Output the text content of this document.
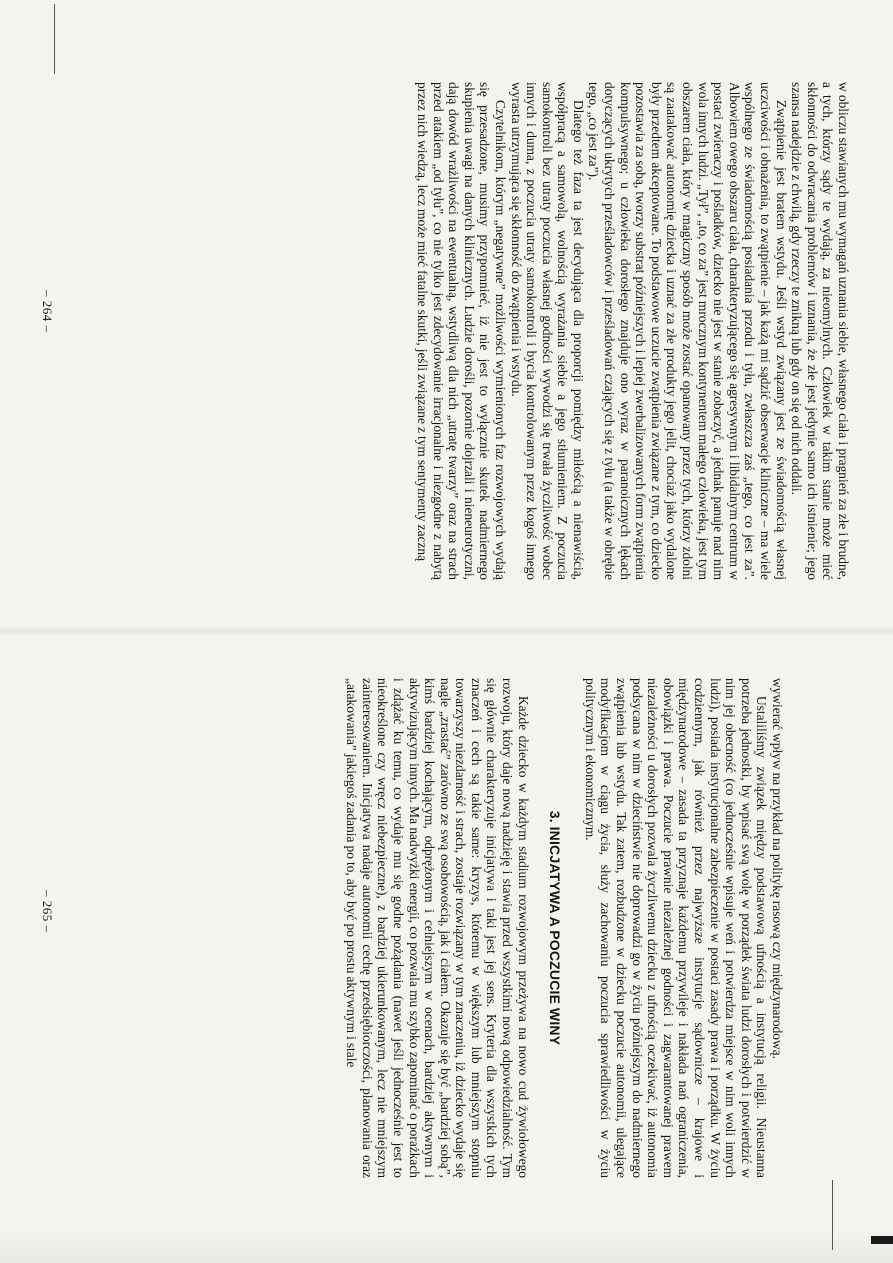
w obliczu stawianych mu wymagań uznania siebie, własnego ciała i pragnień za złe i brudne, a tych, którzy sądy te wydają, za nieomylnych. Człowiek w takim stanie może mieć skłonności do odwracania problemów i uznania, że złe jest jedynie samo ich istnienie; jego szansa nadejdzie z chwilą, gdy rzeczy te znikną lub gdy on się od nich oddali.

Zwątpienie jest bratem wstydu. Jeśli wstyd związany jest ze świadomością własnej uczciwości i obnażenia, to zwątpienie – jak każą mi sądzić obserwacje kliniczne – ma wiele wspólnego ze świadomością posiadania przodu i tyłu, zwłaszcza zaś „tego, co jest za”. Albowiem owego obszaru ciała, charakteryzującego się agresywnym i libidalnym centrum w postaci zwieraczy i pośladków, dziecko nie jest w stanie zobaczyć, a jednak panuje nad nim wola innych ludzi. „Tył”, „to, co za” jest mrocznym kontynentem małego człowieka, jest tym obszarem ciała, który w magiczny sposób może zostać opanowany przez tych, którzy zdolni są zaatakować autonomię dziecka i uznać za złe produkty jego jelit, chociaż jako wydalone były przedtem akceptowane. To podstawowe uczucie zwątpienia związane z tym, co dziecko pozostawia za sobą, tworzy substrat późniejszych i lepiej zwerbalizowanych form zwątpienia kompulsywnego; u człowieka dorosłego znajduje ono wyraz w paranoicznych lękach dotyczących ukrytych prześladowców i prześladowań czających się z tyłu (a także w obrębie tego, „co jest za”).

Dlatego też faza ta jest decydująca dla proporcji pomiędzy miłością a nienawiścią, współpracą a samowolą, wolnością wyrażania siebie a jego stłumieniem. Z poczucia samokontroli bez utraty poczucia własnej godności wywodzi się trwała życzliwość wobec innych i duma, z poczucia utraty samokontroli i bycia kontrolowanym przez kogoś innego wyrasta utrzymująca się skłonność do zwątpienia i wstydu.

Czytelnikom, którym „negatywne” możliwości wymienionych faz rozwojowych wydają się przesadzone, musimy przypomnieć, iż nie jest to wyłącznie skutek nadmiernego skupienia uwagi na danych klinicznych. Ludzie dorośli, pozornie dojrzali i nieneurotyczni, dają dowód wrażliwości na ewentualną, wstydliwą dla nich „utratę twarzy” oraz na strach przed atakiem „od tyłu”, co nie tylko jest zdecydowanie irracjonalne i niezgodne z nabytą przez nich wiedzą, lecz może mieć fatalne skutki, jeśli związane z tym sentymenty zaczną

– 264 –

wywierać wpływ na przykład na politykę rasową czy międzynarodową.

Ustaliliśmy związek między podstawową ufnością a instytucją religii. Nieustanna potrzeba jednostki, by wpisać swą wolę w porządek świata ludzi dorosłych i potwierdzić w nim jej obecność (co jednocześnie wpisuje weń i potwierdza miejsce w nim woli innych ludzi), posiada instytucjonalne zabezpieczenie w postaci zasady prawa i porządku. W życiu codziennym, jak również przez najwyższe instytucje sądownicze – krajowe i międzynarodowe – zasada ta przyznaje każdemu przywileje i nakłada nań ograniczenia, obowiązki i prawa. Poczucie prawnie niezależnej godności i zagwarantowanej prawem niezależności u dorosłych pozwala życzliwemu dziecku z ufnością oczekiwać, iż autonomia podsycana w nim w dzieciństwie nie doprowadzi go w życiu późniejszym do nadmiernego zwątpienia lub wstydu. Tak zatem, rozbudzone w dziecku poczucie autonomii, ulegające modyfikacjom w ciągu życia, służy zachowaniu poczucia sprawiedliwości w życiu politycznym i ekonomicznym.

3. INICJATYWA A POCZUCIE WINY

Każde dziecko w każdym stadium rozwojowym przeżywa na nowo cud żywiołowego rozwoju, który daje nową nadzieję i stawia przed wszystkimi nową odpowiedzialność. Tym się głównie charakteryzuje inicjatywa i taki jest jej sens. Kryteria dla wszystkich tych znaczeń i cech są takie same: kryzys, któremu w większym lub mniejszym stopniu towarzyszy niezdarność i strach, zostaje rozwiązany w tym znaczeniu, iż dziecko wydaje się nagle „zrastać” zarówno ze swą osobowością, jak i ciałem. Okazuje się być „bardziej sobą”, kimś bardziej kochającym, odprężonym i celniejszym w ocenach, bardziej aktywnym i aktywizującym innych. Ma nadwyżki energii, co pozwala mu szybko zapominać o porażkach i zdążać ku temu, co wydaje mu się godne pożądania (nawet jeśli jednocześnie jest to nieokreślone czy wręcz niebezpieczne), z bardziej ukierunkowanym, lecz nie mniejszym zainteresowaniem. Inicjatywa nadaje autonomii cechę przedsiębiorczości, planowania oraz „atakowania” jakiegoś zadania po to, aby być po prostu aktywnym i stale

– 265 –
